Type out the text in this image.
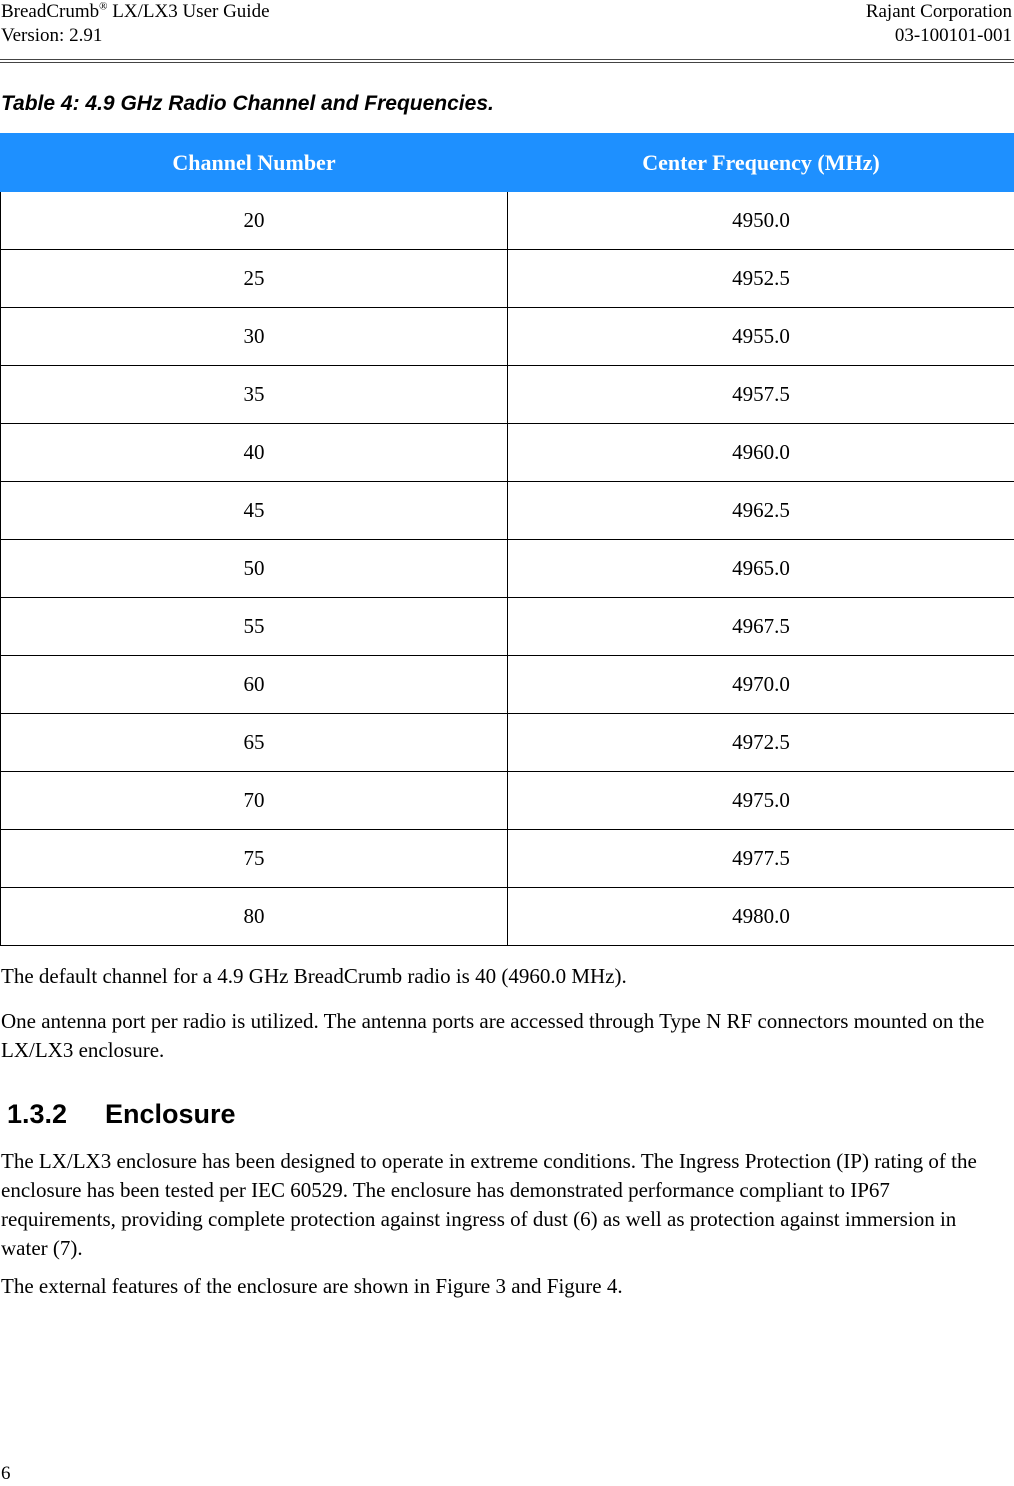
BreadCrumb® LX/LX3 User Guide
Version: 2.91
Rajant Corporation
03-100101-001
Table 4: 4.9 GHz Radio Channel and Frequencies.
Channel Number	Center Frequency (MHz)
20	4950.0
25	4952.5
30	4955.0
35	4957.5
40	4960.0
45	4962.5
50	4965.0
55	4967.5
60	4970.0
65	4972.5
70	4975.0
75	4977.5
80	4980.0
The default channel for a 4.9 GHz BreadCrumb radio is 40 (4960.0 MHz).
One antenna port per radio is utilized. The antenna ports are accessed through Type N RF connectors mounted on the LX/LX3 enclosure.
1.3.2 Enclosure
The LX/LX3 enclosure has been designed to operate in extreme conditions. The Ingress Protection (IP) rating of the enclosure has been tested per IEC 60529. The enclosure has demonstrated performance compliant to IP67 requirements, providing complete protection against ingress of dust (6) as well as protection against immersion in water (7).
The external features of the enclosure are shown in Figure 3 and Figure 4.
6
